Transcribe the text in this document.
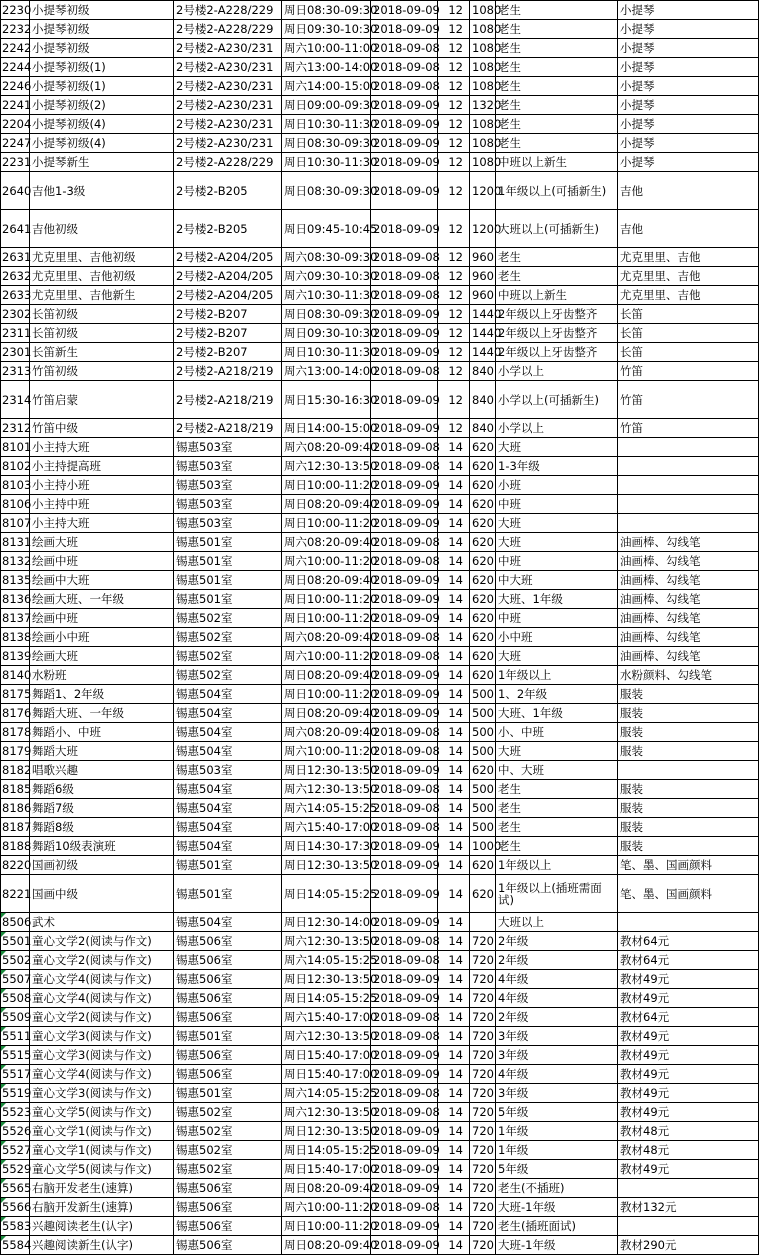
2230	小提琴初级	2号楼2-A228/229	周日08:30-09:30	2018-09-09	12	1080	老生	小提琴
2232	小提琴初级	2号楼2-A228/229	周日09:30-10:30	2018-09-09	12	1080	老生	小提琴
2242	小提琴初级	2号楼2-A230/231	周六10:00-11:00	2018-09-08	12	1080	老生	小提琴
2244	小提琴初级(1)	2号楼2-A230/231	周六13:00-14:00	2018-09-08	12	1080	老生	小提琴
2246	小提琴初级(1)	2号楼2-A230/231	周六14:00-15:00	2018-09-08	12	1080	老生	小提琴
2241	小提琴初级(2)	2号楼2-A230/231	周日09:00-09:30	2018-09-09	12	1320	老生	小提琴
2204	小提琴初级(4)	2号楼2-A230/231	周日10:30-11:30	2018-09-09	12	1080	老生	小提琴
2247	小提琴初级(4)	2号楼2-A230/231	周日08:30-09:30	2018-09-09	12	1080	老生	小提琴
2231	小提琴新生	2号楼2-A228/229	周日10:30-11:30	2018-09-09	12	1080	中班以上新生	小提琴
2640	吉他1-3级	2号楼2-B205	周日08:30-09:30	2018-09-09	12	1200	1年级以上(可插新生)	吉他
2641	吉他初级	2号楼2-B205	周日09:45-10:45	2018-09-09	12	1200	大班以上(可插新生)	吉他
2631	尤克里里、吉他初级	2号楼2-A204/205	周六08:30-09:30	2018-09-08	12	960	老生	尤克里里、吉他
2632	尤克里里、吉他初级	2号楼2-A204/205	周六09:30-10:30	2018-09-08	12	960	老生	尤克里里、吉他
2633	尤克里里、吉他新生	2号楼2-A204/205	周六10:30-11:30	2018-09-08	12	960	中班以上新生	尤克里里、吉他
2302	长笛初级	2号楼2-B207	周日08:30-09:30	2018-09-09	12	1440	2年级以上牙齿整齐	长笛
2311	长笛初级	2号楼2-B207	周日09:30-10:30	2018-09-09	12	1440	2年级以上牙齿整齐	长笛
2301	长笛新生	2号楼2-B207	周日10:30-11:30	2018-09-09	12	1440	2年级以上牙齿整齐	长笛
2313	竹笛初级	2号楼2-A218/219	周六13:00-14:00	2018-09-08	12	840	小学以上	竹笛
2314	竹笛启蒙	2号楼2-A218/219	周日15:30-16:30	2018-09-09	12	840	小学以上(可插新生)	竹笛
2312	竹笛中级	2号楼2-A218/219	周日14:00-15:00	2018-09-09	12	840	小学以上	竹笛
8101	小主持大班	锡惠503室	周六08:20-09:40	2018-09-08	14	620	大班	
8102	小主持提高班	锡惠503室	周六12:30-13:50	2018-09-08	14	620	1-3年级	
8103	小主持小班	锡惠503室	周日10:00-11:20	2018-09-09	14	620	小班	
8106	小主持中班	锡惠503室	周日08:20-09:40	2018-09-09	14	620	中班	
8107	小主持大班	锡惠503室	周日10:00-11:20	2018-09-09	14	620	大班	
8131	绘画大班	锡惠501室	周六08:20-09:40	2018-09-08	14	620	大班	油画棒、勾线笔
8132	绘画中班	锡惠501室	周六10:00-11:20	2018-09-08	14	620	中班	油画棒、勾线笔
8135	绘画中大班	锡惠501室	周日08:20-09:40	2018-09-09	14	620	中大班	油画棒、勾线笔
8136	绘画大班、一年级	锡惠501室	周日10:00-11:20	2018-09-09	14	620	大班、1年级	油画棒、勾线笔
8137	绘画中班	锡惠502室	周日10:00-11:20	2018-09-09	14	620	中班	油画棒、勾线笔
8138	绘画小中班	锡惠502室	周六08:20-09:40	2018-09-08	14	620	小中班	油画棒、勾线笔
8139	绘画大班	锡惠502室	周六10:00-11:20	2018-09-08	14	620	大班	油画棒、勾线笔
8140	水粉班	锡惠502室	周日08:20-09:40	2018-09-09	14	620	1年级以上	水粉颜料、勾线笔
8175	舞蹈1、2年级	锡惠504室	周日10:00-11:20	2018-09-09	14	500	1、2年级	服装
8176	舞蹈大班、一年级	锡惠504室	周日08:20-09:40	2018-09-09	14	500	大班、1年级	服装
8178	舞蹈小、中班	锡惠504室	周六08:20-09:40	2018-09-08	14	500	小、中班	服装
8179	舞蹈大班	锡惠504室	周六10:00-11:20	2018-09-08	14	500	大班	服装
8182	唱歌兴趣	锡惠503室	周日12:30-13:50	2018-09-09	14	620	中、大班	
8185	舞蹈6级	锡惠504室	周六12:30-13:50	2018-09-08	14	500	老生	服装
8186	舞蹈7级	锡惠504室	周六14:05-15:25	2018-09-08	14	500	老生	服装
8187	舞蹈8级	锡惠504室	周六15:40-17:00	2018-09-08	14	500	老生	服装
8188	舞蹈10级表演班	锡惠504室	周日14:30-17:30	2018-09-09	14	1000	老生	服装
8220	国画初级	锡惠501室	周日12:30-13:50	2018-09-09	14	620	1年级以上	笔、墨、国画颜料
8221	国画中级	锡惠501室	周日14:05-15:25	2018-09-09	14	620	1年级以上(插班需面试)	笔、墨、国画颜料
8506	武术	锡惠504室	周日12:30-14:00	2018-09-09	14		大班以上	
5501	童心文学2(阅读与作文)	锡惠506室	周六12:30-13:50	2018-09-08	14	720	2年级	教材64元
5502	童心文学2(阅读与作文)	锡惠506室	周六14:05-15:25	2018-09-08	14	720	2年级	教材64元
5507	童心文学4(阅读与作文)	锡惠506室	周日12:30-13:50	2018-09-09	14	720	4年级	教材49元
5508	童心文学4(阅读与作文)	锡惠506室	周日14:05-15:25	2018-09-09	14	720	4年级	教材49元
5509	童心文学2(阅读与作文)	锡惠506室	周六15:40-17:00	2018-09-08	14	720	2年级	教材64元
5511	童心文学3(阅读与作文)	锡惠501室	周六12:30-13:50	2018-09-08	14	720	3年级	教材49元
5515	童心文学3(阅读与作文)	锡惠506室	周日15:40-17:00	2018-09-09	14	720	3年级	教材49元
5517	童心文学4(阅读与作文)	锡惠506室	周日15:40-17:00	2018-09-09	14	720	4年级	教材49元
5519	童心文学3(阅读与作文)	锡惠501室	周六14:05-15:25	2018-09-08	14	720	3年级	教材49元
5523	童心文学5(阅读与作文)	锡惠502室	周六12:30-13:50	2018-09-08	14	720	5年级	教材49元
5526	童心文学1(阅读与作文)	锡惠502室	周日12:30-13:50	2018-09-09	14	720	1年级	教材48元
5527	童心文学1(阅读与作文)	锡惠502室	周日14:05-15:25	2018-09-09	14	720	1年级	教材48元
5529	童心文学5(阅读与作文)	锡惠502室	周日15:40-17:00	2018-09-09	14	720	5年级	教材49元
5565	右脑开发老生(速算)	锡惠506室	周日08:20-09:40	2018-09-09	14	720	老生(不插班)	
5566	右脑开发新生(速算)	锡惠506室	周六10:00-11:20	2018-09-08	14	720	大班-1年级	教材132元
5583	兴趣阅读老生(认字)	锡惠506室	周日10:00-11:20	2018-09-09	14	720	老生(插班面试)	
5584	兴趣阅读新生(认字)	锡惠506室	周日08:20-09:40	2018-09-09	14	720	大班-1年级	教材290元
